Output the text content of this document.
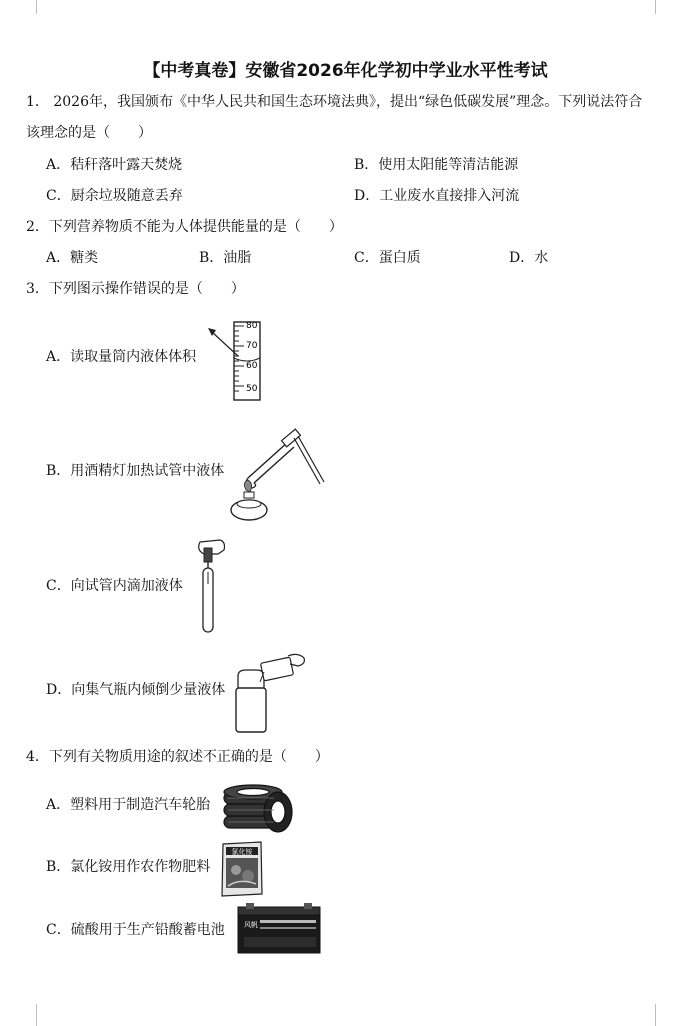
【中考真卷】安徽省2026年化学初中学业水平性考试
1． 2026年，我国颁布《中华人民共和国生态环境法典》，提出“绿色低碳发展”理念。下列说法符合
该理念的是（　　）
A．秸秆落叶露天焚烧	B．使用太阳能等清洁能源
C．厨余垃圾随意丢弃	D．工业废水直接排入河流
2．下列营养物质不能为人体提供能量的是（　　）
A．糖类	B．油脂	C．蛋白质	D．水
3．下列图示操作错误的是（　　）
A．读取量筒内液体体积
80
70
60
50
B．用酒精灯加热试管中液体
C．向试管内滴加液体
D．向集气瓶内倾倒少量液体
4．下列有关物质用途的叙述不正确的是（　　）
A．塑料用于制造汽车轮胎
B．氯化铵用作农作物肥料
氯化铵
C．硫酸用于生产铅酸蓄电池	风帆
